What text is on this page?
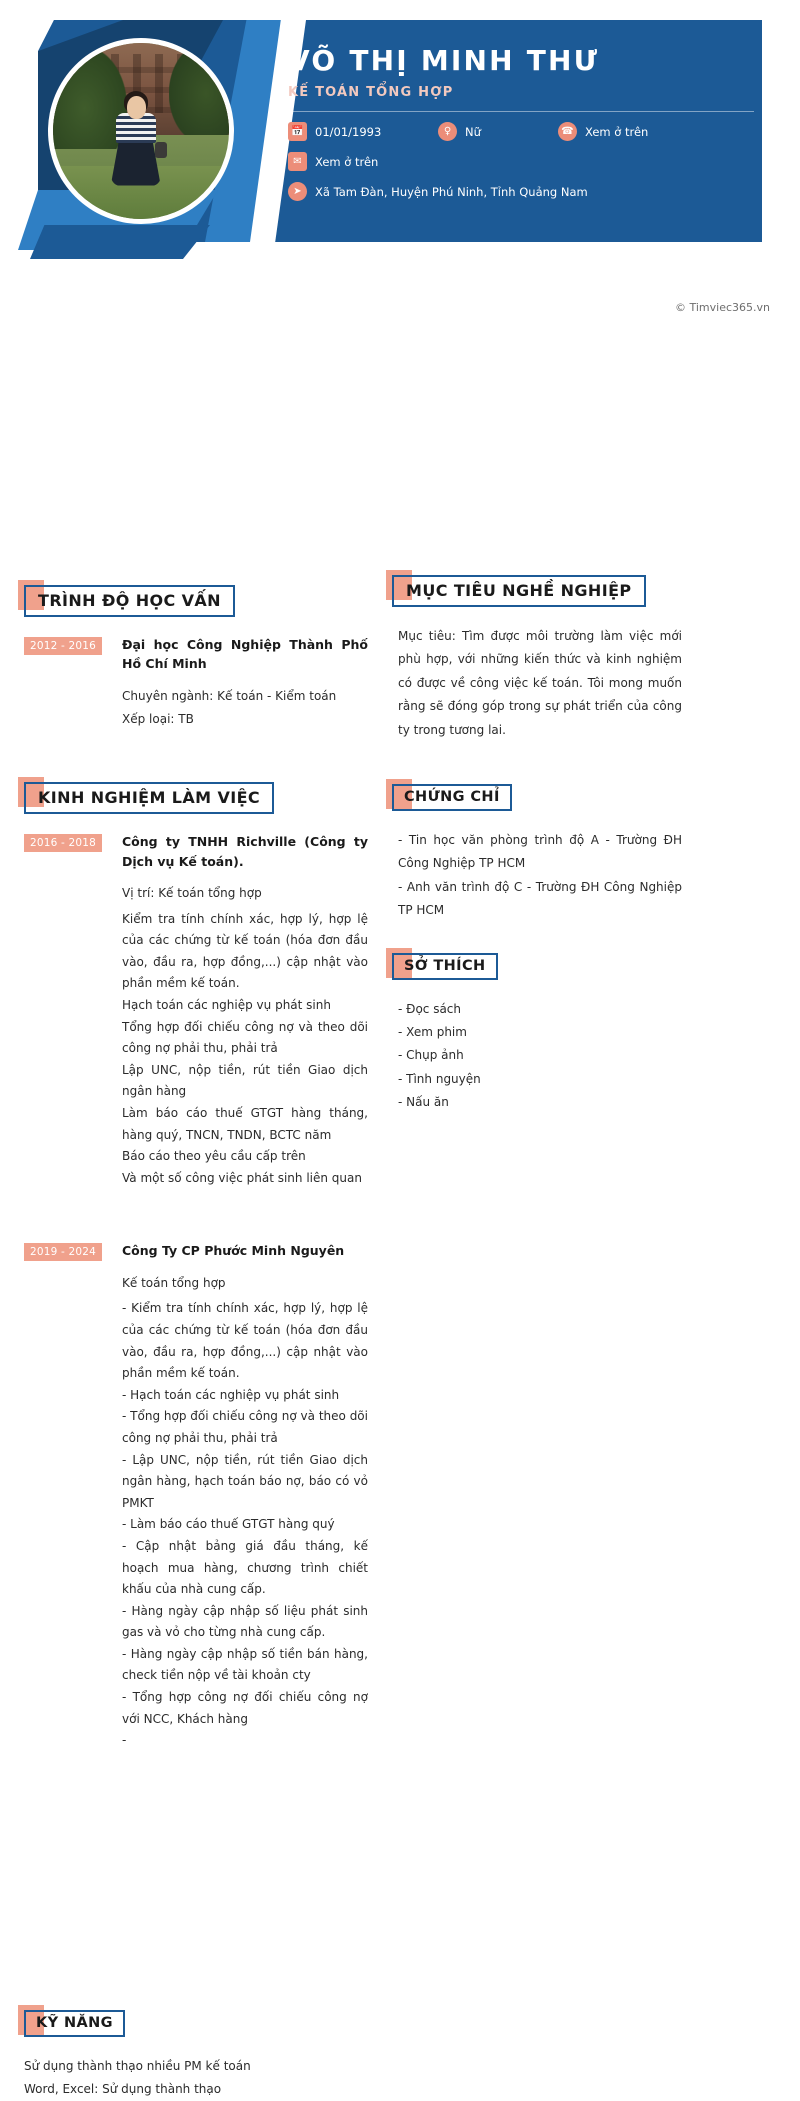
VÕ THỊ MINH THƯ
KẾ TOÁN TỔNG HỢP
📅 01/01/1993	♀	Nữ	☎ Xem ở trên
✉	Xem ở trên
➤	Xã Tam Đàn, Huyện Phú Ninh, Tỉnh Quảng Nam
TRÌNH ĐỘ HỌC VẤN
2012 - 2016	Đại học Công Nghiệp Thành Phố Hồ Chí Minh
Chuyên ngành: Kế toán - Kiểm toán
Xếp loại: TB
KINH NGHIỆM LÀM VIỆC
2016 - 2018	Công ty TNHH Richville (Công ty Dịch vụ Kế toán).
Vị trí: Kế toán tổng hợp
Kiểm tra tính chính xác, hợp lý, hợp lệ của các chứng từ kế toán (hóa đơn đầu vào, đầu ra, hợp đồng,...) cập nhật vào phần mềm kế toán.
Hạch toán các nghiệp vụ phát sinh
Tổng hợp đối chiếu công nợ và theo dõi công nợ phải thu, phải trả
Lập UNC, nộp tiền, rút tiền Giao dịch ngân hàng
Làm báo cáo thuế GTGT hàng tháng, hàng quý, TNCN, TNDN, BCTC năm
Báo cáo theo yêu cầu cấp trên
Và một số công việc phát sinh liên quan
2019 - 2024	Công Ty CP Phước Minh Nguyên
Kế toán tổng hợp
- Kiểm tra tính chính xác, hợp lý, hợp lệ của các chứng từ kế toán (hóa đơn đầu vào, đầu ra, hợp đồng,...) cập nhật vào phần mềm kế toán.
- Hạch toán các nghiệp vụ phát sinh
- Tổng hợp đối chiếu công nợ và theo dõi công nợ phải thu, phải trả
- Lập UNC, nộp tiền, rút tiền Giao dịch ngân hàng, hạch toán báo nợ, báo có vỏ PMKT
- Làm báo cáo thuế GTGT hàng quý
- Cập nhật bảng giá đầu tháng, kế hoạch mua hàng, chương trình chiết khấu của nhà cung cấp.
- Hàng ngày cập nhập số liệu phát sinh gas và vỏ cho từng nhà cung cấp.
- Hàng ngày cập nhập số tiền bán hàng, check tiền nộp về tài khoản cty
- Tổng hợp công nợ đối chiếu công nợ với NCC, Khách hàng
-
MỤC TIÊU NGHỀ NGHIỆP
Mục tiêu: Tìm được môi trường làm việc mới phù hợp, với những kiến thức và kinh nghiệm có được về công việc kế toán. Tôi mong muốn rằng sẽ đóng góp trong sự phát triển của công ty trong tương lai.
CHỨNG CHỈ
- Tin học văn phòng trình độ A - Trường ĐH Công Nghiệp TP HCM
- Anh văn trình độ C - Trường ĐH Công Nghiệp TP HCM
SỞ THÍCH
- Đọc sách
- Xem phim
- Chụp ảnh
- Tình nguyện
- Nấu ăn
KỸ NĂNG
Sử dụng thành thạo nhiều PM kế toán
Word, Excel: Sử dụng thành thạo
© Timviec365.vn
